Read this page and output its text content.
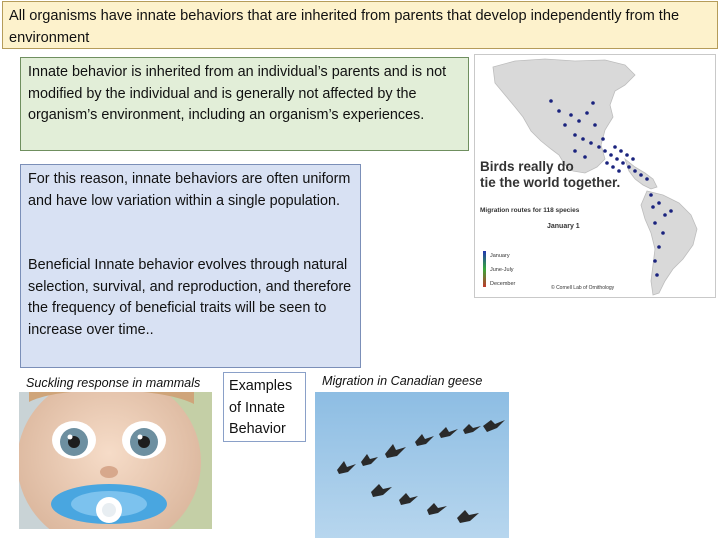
All organisms have innate behaviors that are inherited from parents that develop independently from the environment
Innate behavior is inherited from an individual’s parents and is not modified by the individual and is generally not affected by the organism’s environment, including an organism’s experiences.

For this reason, innate behaviors are often uniform and have low variation within a single population.

Beneficial Innate behavior evolves through natural selection, survival, and reproduction, and therefore the frequency of beneficial traits will be seen to increase over time..

Suckling response in mammals	Examples of Innate Behavior
Migration in Canadian geese
Birds really do
tie the world together.
Migration routes for 118 species
January 1
January
June-July
December
© Cornell Lab of Ornithology
